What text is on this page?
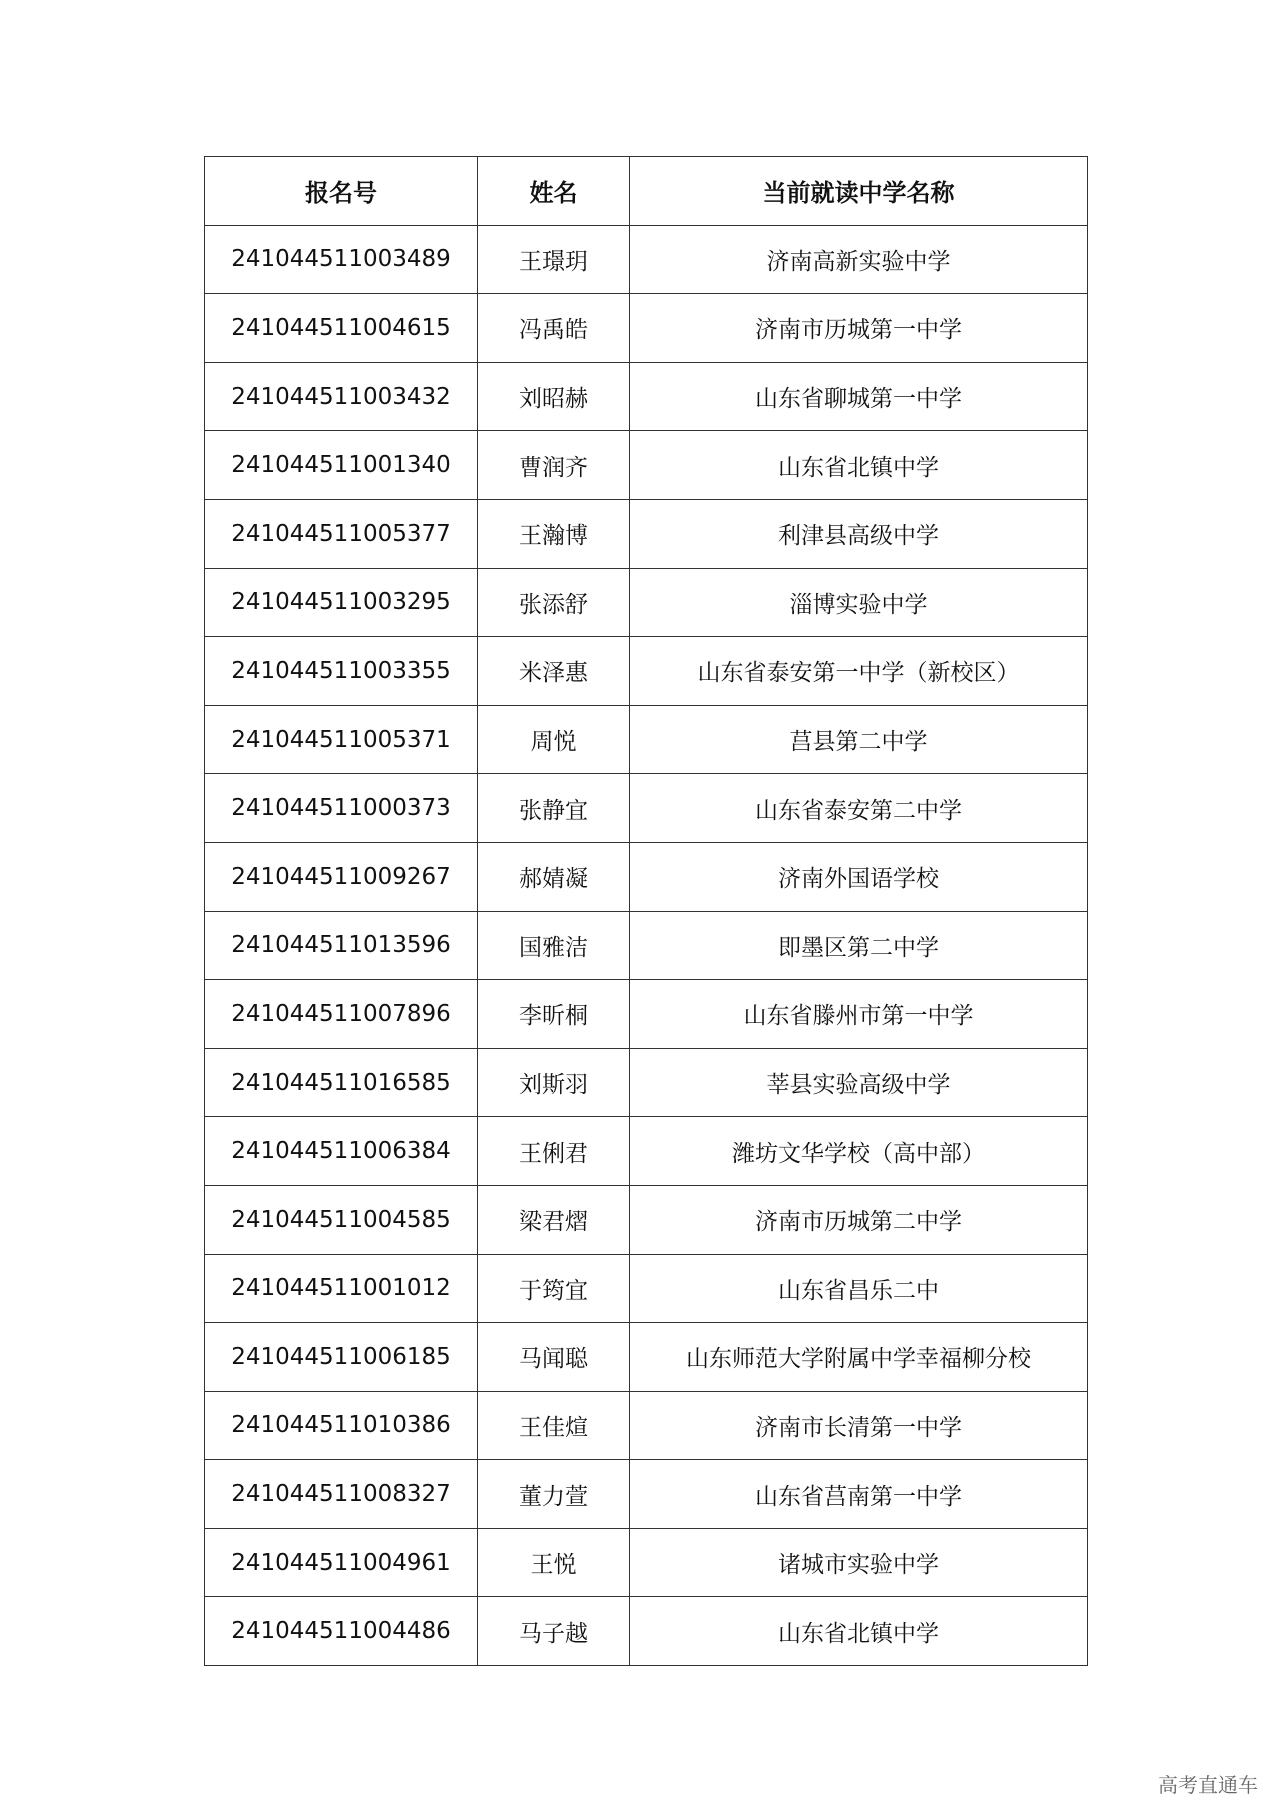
报名号	姓名	当前就读中学名称
241044511003489	王璟玥	济南高新实验中学
241044511004615	冯禹皓	济南市历城第一中学
241044511003432	刘昭赫	山东省聊城第一中学
241044511001340	曹润齐	山东省北镇中学
241044511005377	王瀚博	利津县高级中学
241044511003295	张添舒	淄博实验中学
241044511003355	米泽惠	山东省泰安第一中学（新校区）
241044511005371	周悦	莒县第二中学
241044511000373	张静宜	山东省泰安第二中学
241044511009267	郝婧凝	济南外国语学校
241044511013596	国雅洁	即墨区第二中学
241044511007896	李昕桐	山东省滕州市第一中学
241044511016585	刘斯羽	莘县实验高级中学
241044511006384	王俐君	潍坊文华学校（高中部）
241044511004585	梁君熠	济南市历城第二中学
241044511001012	于筠宜	山东省昌乐二中
241044511006185	马闻聪	山东师范大学附属中学幸福柳分校
241044511010386	王佳煊	济南市长清第一中学
241044511008327	董力萱	山东省莒南第一中学
241044511004961	王悦	诸城市实验中学
241044511004486	马子越	山东省北镇中学
高考直通车
